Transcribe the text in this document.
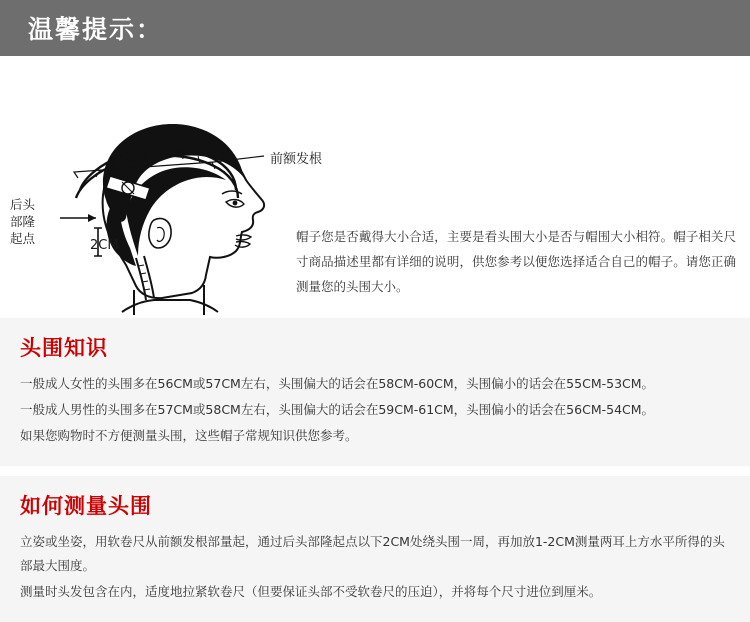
温馨提示：
前额发根
后头部隆起点	2CM

帽子您是否戴得大小合适，主要是看头围大小是否与帽围大小相符。帽子相关尺寸商品描述里都有详细的说明，供您参考以便您选择适合自己的帽子。请您正确测量您的头围大小。

头围知识

一般成人女性的头围多在56CM或57CM左右，头围偏大的话会在58CM-60CM，头围偏小的话会在55CM-53CM。

一般成人男性的头围多在57CM或58CM左右，头围偏大的话会在59CM-61CM，头围偏小的话会在56CM-54CM。

如果您购物时不方便测量头围，这些帽子常规知识供您参考。

如何测量头围

立姿或坐姿，用软卷尺从前额发根部量起，通过后头部隆起点以下2CM处绕头围一周，再加放1-2CM测量两耳上方水平所得的头部最大围度。

测量时头发包含在内，适度地拉紧软卷尺（但要保证头部不受软卷尺的压迫），并将每个尺寸进位到厘米。
